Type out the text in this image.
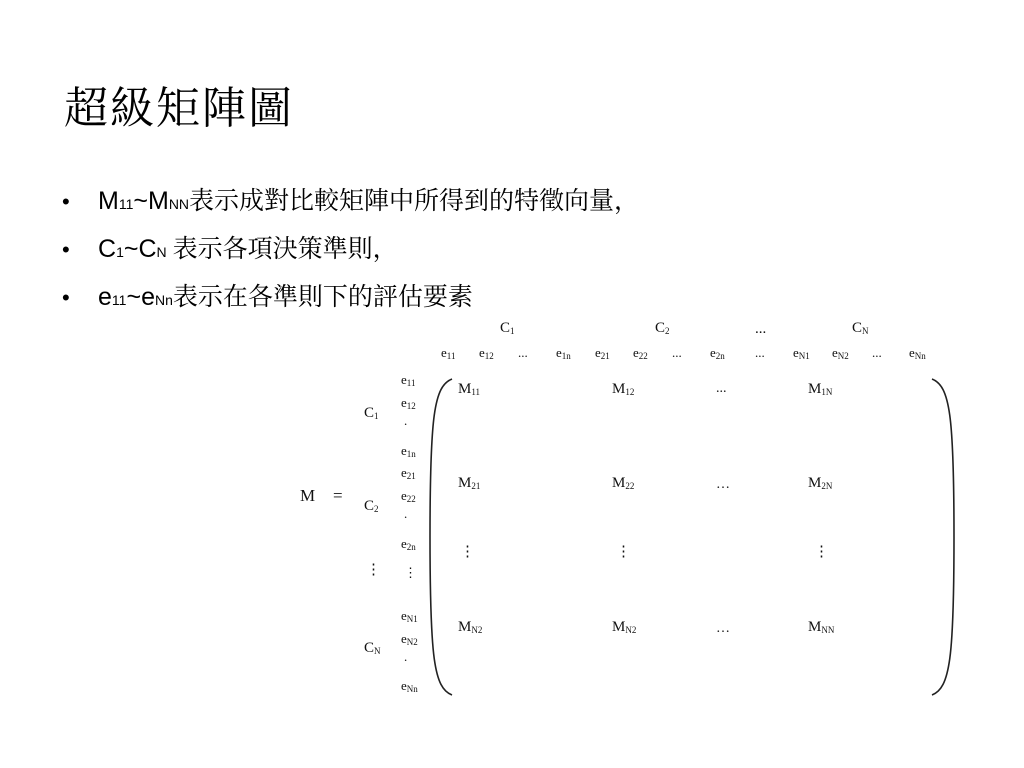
超級矩陣圖
•	M 11 ~ M NN 表示成對比較矩陣中所得到的特徵向量，
•	C 1 ~ C N 表示各項決策準則，
•	e 11 ~ e Nn 表示在各準則下的評估要素
$C_1$	$C_2$	...	$C_N$
$e_{11}$ $e_{12}$ ... $e_{1n}$ $e_{21}$ $e_{22}$ ... $e_{2n}$ ... $e_{N1}$ $e_{N2}$ ... $e_{Nn}$
M =
$C_1$
$C_2$
⋮
$C_N$
$e_{11}$
$e_{12}$
.
$e_{1n}$
$e_{21}$
$e_{22}$
.
$e_{2n}$
⋮
$e_{N1}$
$e_{N2}$
.
$e_{Nn}$
$M_{11}$	$M_{12}$	...	$M_{1N}$
$M_{21}$	$M_{22}$	…	$M_{2N}$
⋮	⋮	⋮
$M_{N2}$	$M_{N2}$	…	$M_{NN}$
